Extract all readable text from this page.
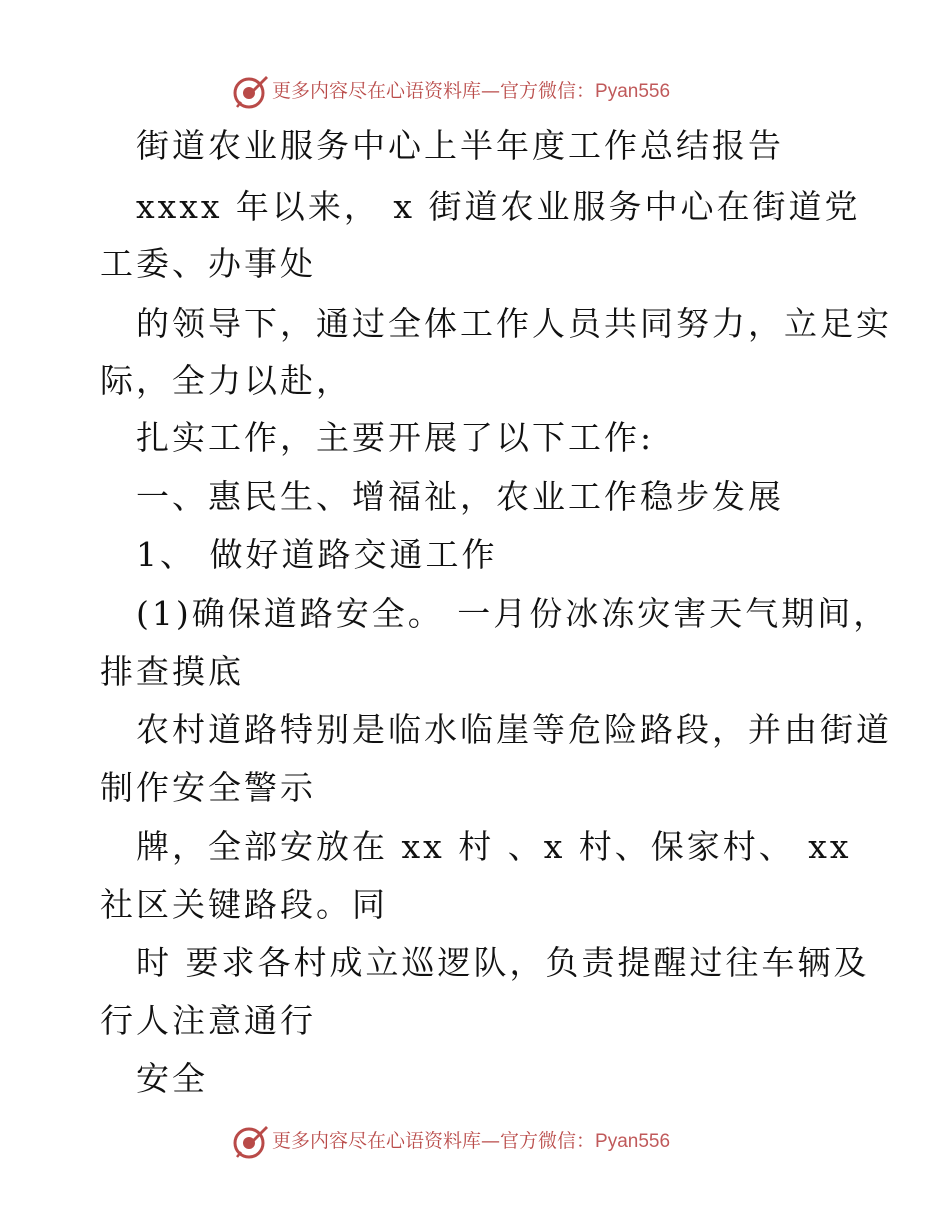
更多内容尽在心语资料库—官方微信：Pyan556
街道农业服务中心上半年度工作总结报告
xxxx 年以来， x 街道农业服务中心在街道党
工委、办事处
的领导下，通过全体工作人员共同努力，立足实
际，全力以赴，
扎实工作，主要开展了以下工作:
一、惠民生、增福祉，农业工作稳步发展
1、 做好道路交通工作
(1)确保道路安全。 一月份冰冻灾害天气期间，
排查摸底
农村道路特别是临水临崖等危险路段，并由街道
制作安全警示
牌，全部安放在 xx 村 、x 村、保家村、 xx
社区关键路段。同
时 要求各村成立巡逻队，负责提醒过往车辆及
行人注意通行
安全
更多内容尽在心语资料库—官方微信：Pyan556
